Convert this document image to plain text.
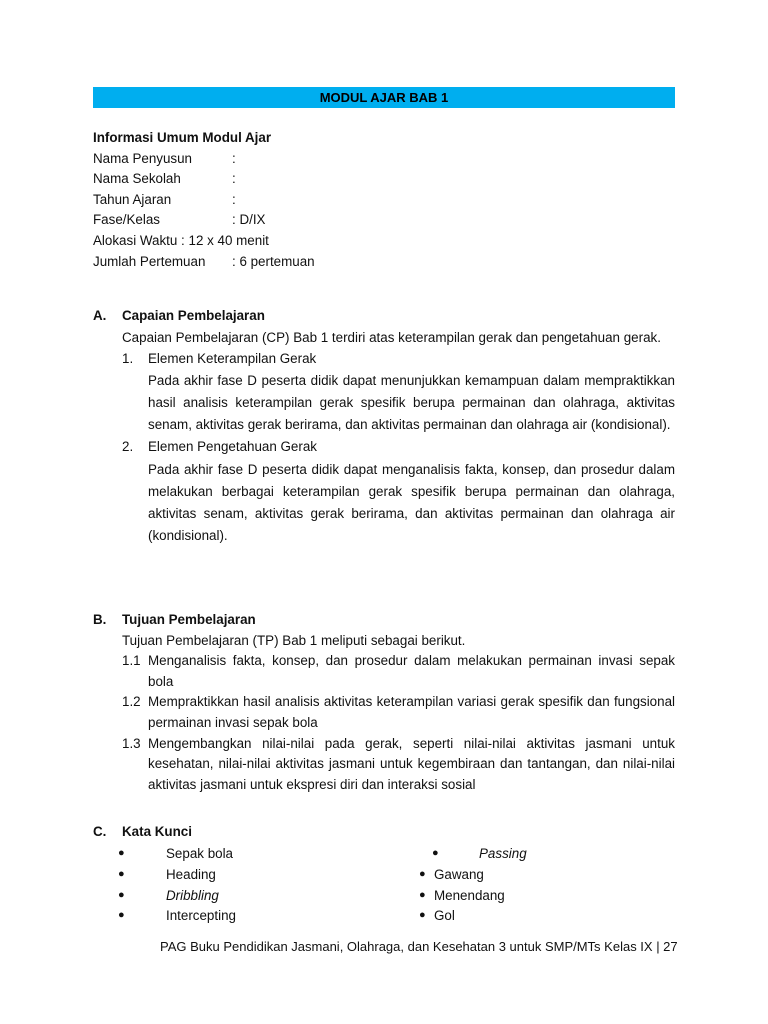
MODUL AJAR BAB 1
Informasi Umum Modul Ajar
Nama Penyusun	:
Nama Sekolah	:
Tahun Ajaran	:
Fase/Kelas	: D/IX
Alokasi Waktu : 12 x 40 menit
Jumlah Pertemuan	: 6 pertemuan
A.	Capaian Pembelajaran
Capaian Pembelajaran (CP) Bab 1 terdiri atas keterampilan gerak dan pengetahuan gerak.
1.	Elemen Keterampilan Gerak

Pada akhir fase D peserta didik dapat menunjukkan kemampuan dalam mempraktikkan hasil analisis keterampilan gerak spesifik berupa permainan dan olahraga, aktivitas senam, aktivitas gerak berirama, dan aktivitas permainan dan olahraga air (kondisional).

2.	Elemen Pengetahuan Gerak

Pada akhir fase D peserta didik dapat menganalisis fakta, konsep, dan prosedur dalam melakukan berbagai keterampilan gerak spesifik berupa permainan dan olahraga, aktivitas senam, aktivitas gerak berirama, dan aktivitas permainan dan olahraga air (kondisional).

B.	Tujuan Pembelajaran
Tujuan Pembelajaran (TP) Bab 1 meliputi sebagai berikut.
1.1 Menganalisis fakta, konsep, dan prosedur dalam melakukan permainan invasi sepak bola
1.2 Mempraktikkan hasil analisis aktivitas keterampilan variasi gerak spesifik dan fungsional permainan invasi sepak bola
1.3 Mengembangkan nilai-nilai pada gerak, seperti nilai-nilai aktivitas jasmani untuk kesehatan, nilai-nilai aktivitas jasmani untuk kegembiraan dan tantangan, dan nilai-nilai aktivitas jasmani untuk ekspresi diri dan interaksi sosial
C.	Kata Kunci
●	Sepak bola
●	Heading
●	Dribbling
●	Intercepting
●	Passing
● Gawang
● Menendang
● Gol
PAG Buku Pendidikan Jasmani, Olahraga, dan Kesehatan 3 untuk SMP/MTs Kelas IX | 27
